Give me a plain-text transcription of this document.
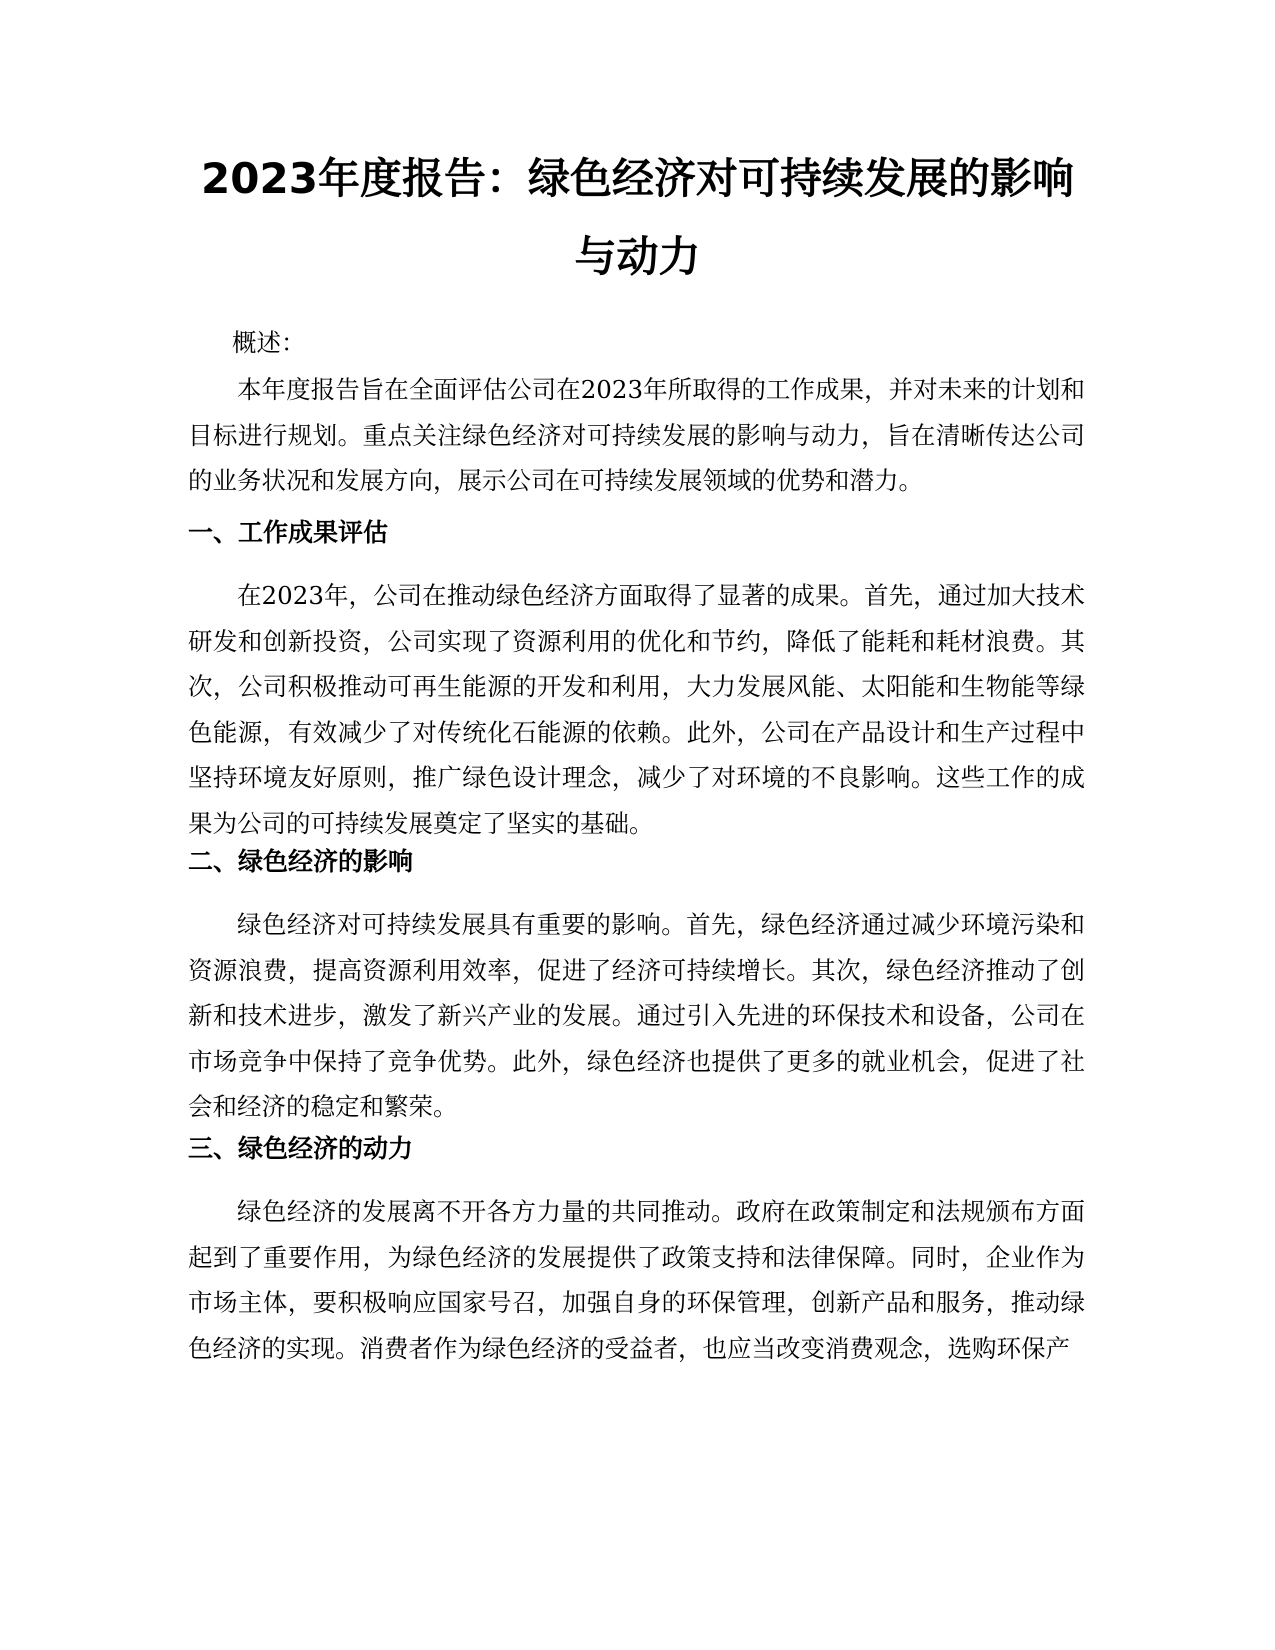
2023年度报告：绿色经济对可持续发展的影响与动力

概述：

本年度报告旨在全面评估公司在2023年所取得的工作成果，并对未来的计划和目标进行规划。重点关注绿色经济对可持续发展的影响与动力，旨在清晰传达公司的业务状况和发展方向，展示公司在可持续发展领域的优势和潜力。

一、工作成果评估

在2023年，公司在推动绿色经济方面取得了显著的成果。首先，通过加大技术研发和创新投资，公司实现了资源利用的优化和节约，降低了能耗和耗材浪费。其次，公司积极推动可再生能源的开发和利用，大力发展风能、太阳能和生物能等绿色能源，有效减少了对传统化石能源的依赖。此外，公司在产品设计和生产过程中坚持环境友好原则，推广绿色设计理念，减少了对环境的不良影响。这些工作的成果为公司的可持续发展奠定了坚实的基础。

二、绿色经济的影响

绿色经济对可持续发展具有重要的影响。首先，绿色经济通过减少环境污染和资源浪费，提高资源利用效率，促进了经济可持续增长。其次，绿色经济推动了创新和技术进步，激发了新兴产业的发展。通过引入先进的环保技术和设备，公司在市场竞争中保持了竞争优势。此外，绿色经济也提供了更多的就业机会，促进了社会和经济的稳定和繁荣。

三、绿色经济的动力

绿色经济的发展离不开各方力量的共同推动。政府在政策制定和法规颁布方面起到了重要作用，为绿色经济的发展提供了政策支持和法律保障。同时，企业作为市场主体，要积极响应国家号召，加强自身的环保管理，创新产品和服务，推动绿色经济的实现。消费者作为绿色经济的受益者，也应当改变消费观念，选购环保产
